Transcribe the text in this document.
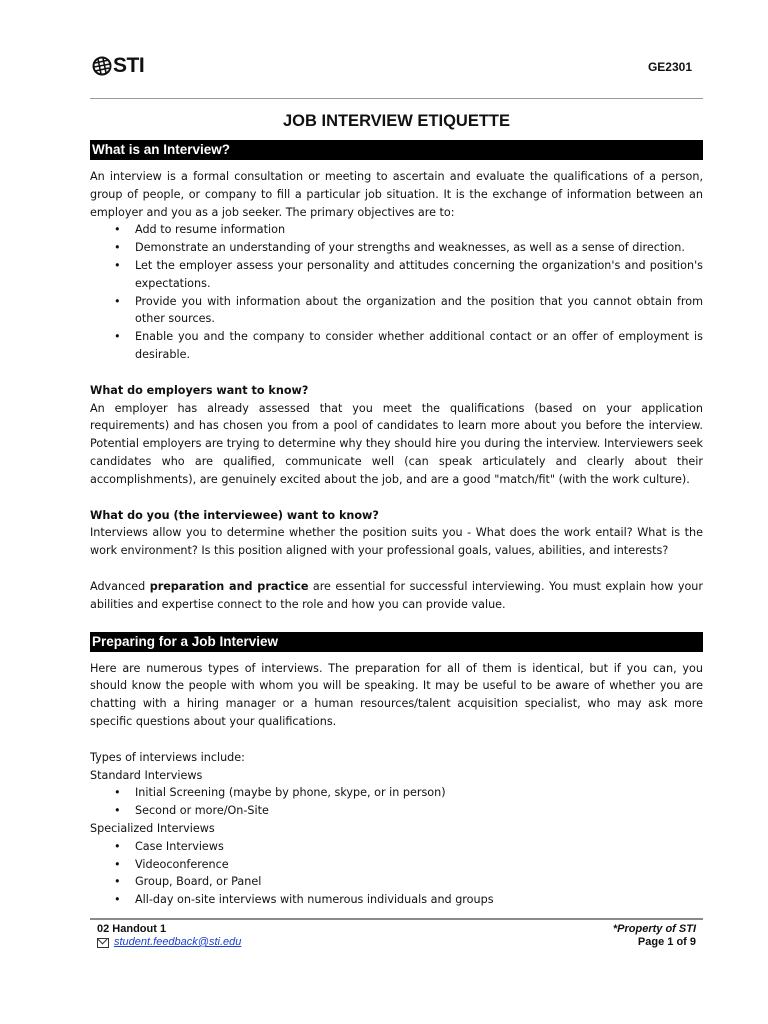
STI	GE2301
JOB INTERVIEW ETIQUETTE
What is an Interview?

An interview is a formal consultation or meeting to ascertain and evaluate the qualifications of a person, group of people, or company to fill a particular job situation. It is the exchange of information between an employer and you as a job seeker. The primary objectives are to:

• Add to resume information
• Demonstrate an understanding of your strengths and weaknesses, as well as a sense of direction.
• Let the employer assess your personality and attitudes concerning the organization's and position's expectations.
• Provide you with information about the organization and the position that you cannot obtain from other sources.
• Enable you and the company to consider whether additional contact or an offer of employment is desirable.

What do employers want to know?

An employer has already assessed that you meet the qualifications (based on your application requirements) and has chosen you from a pool of candidates to learn more about you before the interview. Potential employers are trying to determine why they should hire you during the interview. Interviewers seek candidates who are qualified, communicate well (can speak articulately and clearly about their accomplishments), are genuinely excited about the job, and are a good "match/fit" (with the work culture).

What do you (the interviewee) want to know?

Interviews allow you to determine whether the position suits you - What does the work entail? What is the work environment? Is this position aligned with your professional goals, values, abilities, and interests?

Advanced preparation and practice are essential for successful interviewing. You must explain how your abilities and expertise connect to the role and how you can provide value.

Preparing for a Job Interview

Here are numerous types of interviews. The preparation for all of them is identical, but if you can, you should know the people with whom you will be speaking. It may be useful to be aware of whether you are chatting with a hiring manager or a human resources/talent acquisition specialist, who may ask more specific questions about your qualifications.

Types of interviews include:

Standard Interviews

• Initial Screening (maybe by phone, skype, or in person)
• Second or more/On-Site

Specialized Interviews

• Case Interviews
• Videoconference
• Group, Board, or Panel
• All-day on-site interviews with numerous individuals and groups
02 Handout 1
student.feedback@sti.edu
*Property of STI
Page 1 of 9
